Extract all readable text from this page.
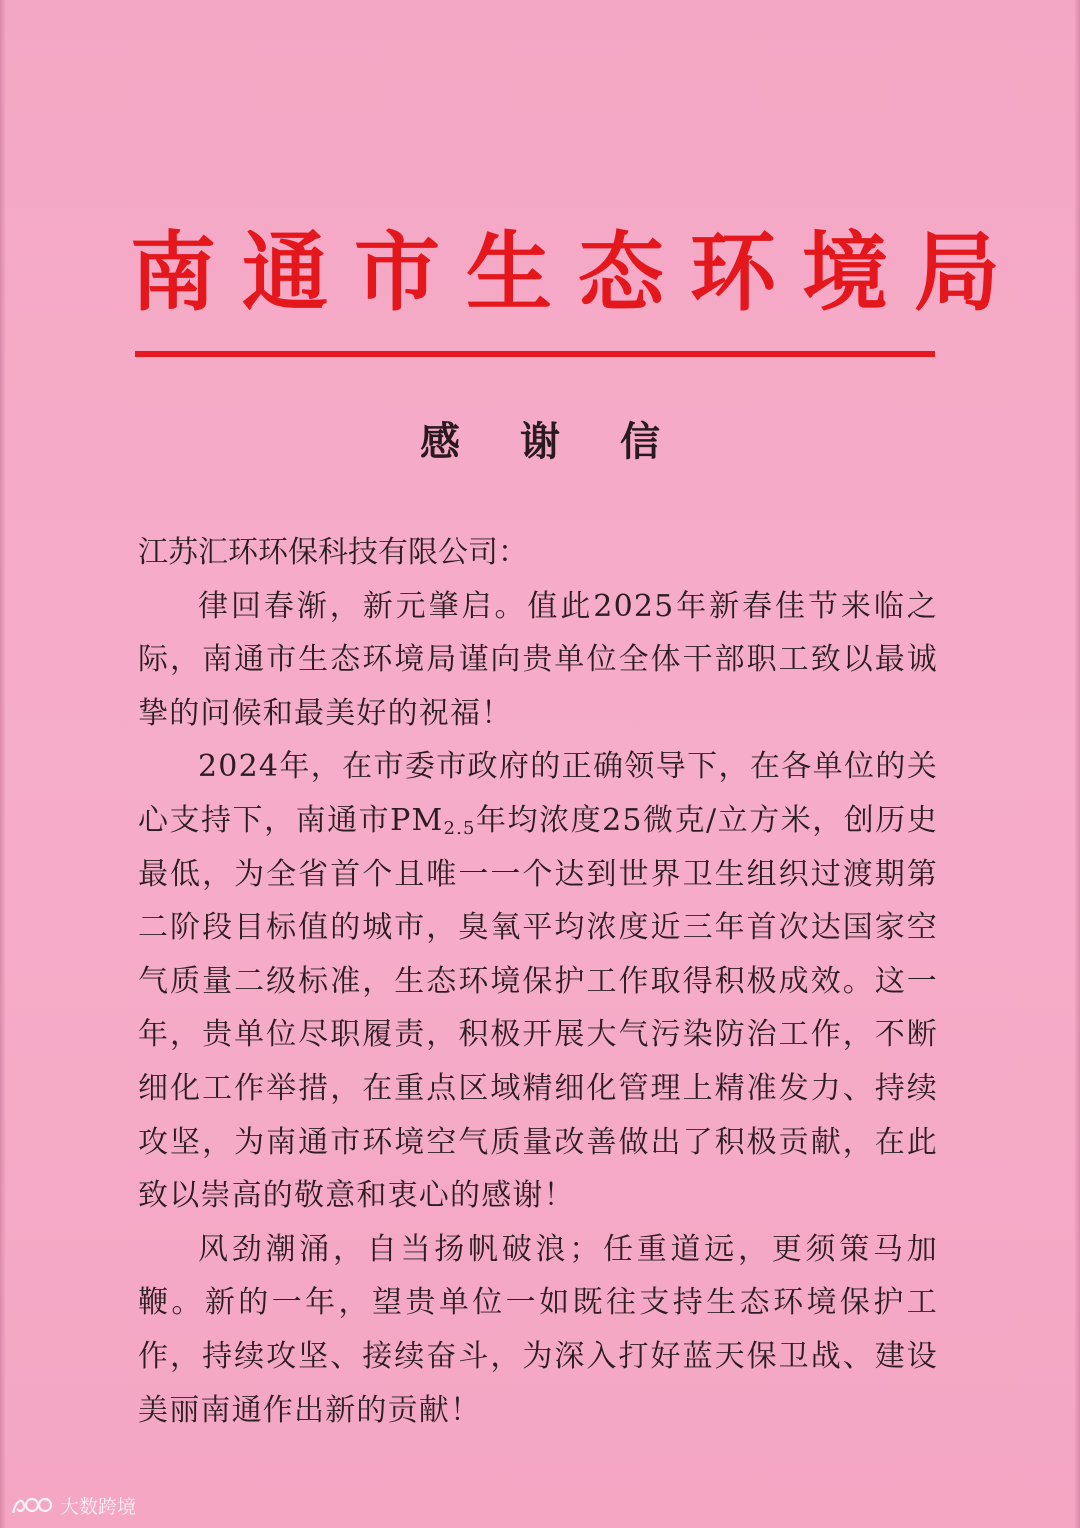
南通市生态环境局
感谢信

江苏汇环环保科技有限公司：

律回春渐，新元肇启。值此2025年新春佳节来临之际，南通市生态环境局谨向贵单位全体干部职工致以最诚挚的问候和最美好的祝福！

2024年，在市委市政府的正确领导下，在各单位的关心支持下，南通市$PM_{2.5}$年均浓度25微克/立方米，创历史最低，为全省首个且唯一一个达到世界卫生组织过渡期第二阶段目标值的城市，臭氧平均浓度近三年首次达国家空气质量二级标准，生态环境保护工作取得积极成效。这一年，贵单位尽职履责，积极开展大气污染防治工作，不断细化工作举措，在重点区域精细化管理上精准发力、持续攻坚，为南通市环境空气质量改善做出了积极贡献，在此致以崇高的敬意和衷心的感谢！

风劲潮涌，自当扬帆破浪；任重道远，更须策马加鞭。新的一年，望贵单位一如既往支持生态环境保护工作，持续攻坚、接续奋斗，为深入打好蓝天保卫战、建设美丽南通作出新的贡献！

大数跨境
